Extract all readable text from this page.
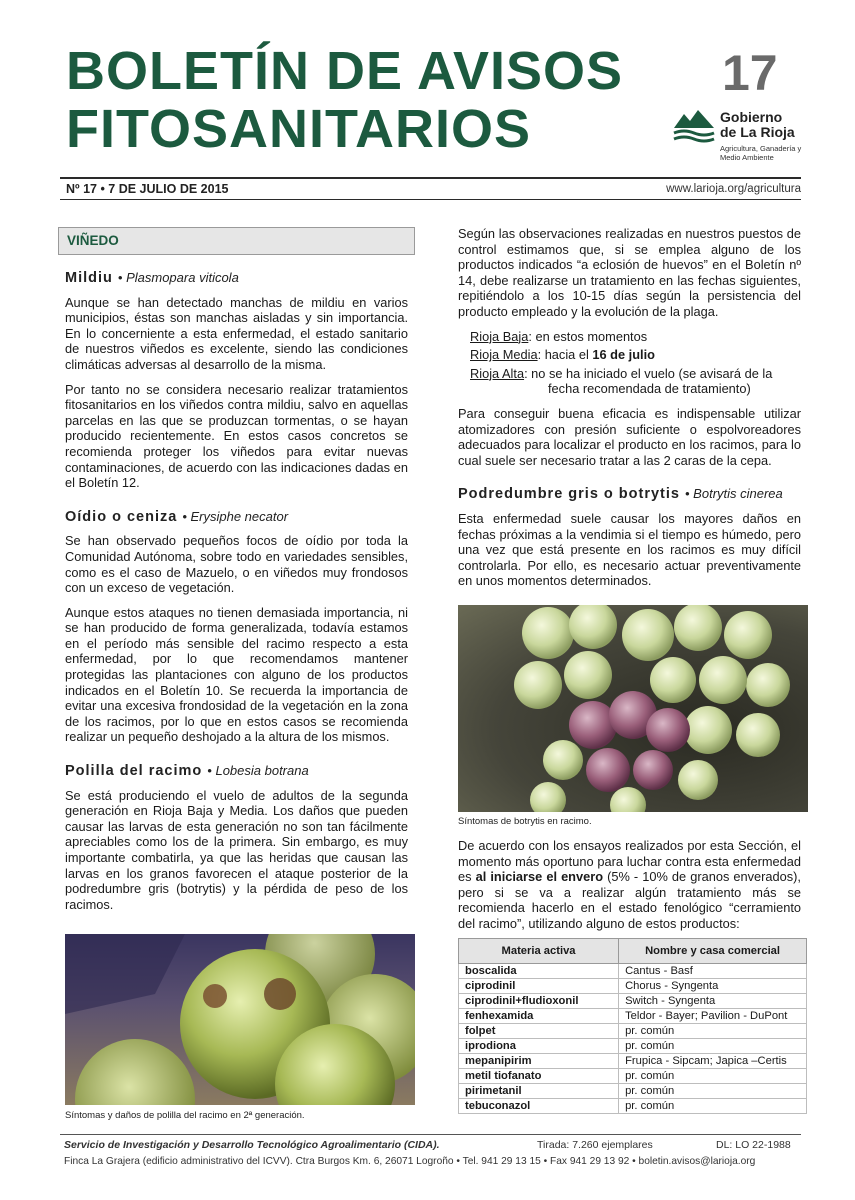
BOLETÍN DE AVISOS
FITOSANITARIOS
17
Gobierno
de La Rioja
Agricultura, Ganadería y Medio Ambiente
Nº 17 • 7 DE JULIO DE 2015	www.larioja.org/agricultura
VIÑEDO
Mildiu • Plasmopara viticola

Aunque se han detectado manchas de mildiu en varios municipios, éstas son manchas aisladas y sin importancia. En lo concerniente a esta enfermedad, el estado sanitario de nuestros viñedos es excelente, siendo las condiciones climáticas adversas al desarrollo de la misma.

Por tanto no se considera necesario realizar tratamientos fitosanitarios en los viñedos contra mildiu, salvo en aquellas parcelas en las que se produzcan tormentas, o se hayan producido recientemente. En estos casos concretos se recomienda proteger los viñedos para evitar nuevas contaminaciones, de acuerdo con las indicaciones dadas en el Boletín 12.

Oídio o ceniza • Erysiphe necator

Se han observado pequeños focos de oídio por toda la Comunidad Autónoma, sobre todo en variedades sensibles, como es el caso de Mazuelo, o en viñedos muy frondosos con un exceso de vegetación.

Aunque estos ataques no tienen demasiada importancia, ni se han producido de forma generalizada, todavía estamos en el período más sensible del racimo respecto a esta enfermedad, por lo que recomendamos mantener protegidas las plantaciones con alguno de los productos indicados en el Boletín 10. Se recuerda la importancia de evitar una excesiva frondosidad de la vegetación en la zona de los racimos, por lo que en estos casos se recomienda realizar un pequeño deshojado a la altura de los mismos.

Polilla del racimo • Lobesia botrana

Se está produciendo el vuelo de adultos de la segunda generación en Rioja Baja y Media. Los daños que pueden causar las larvas de esta generación no son tan fácilmente apreciables como los de la primera. Sin embargo, es muy importante combatirla, ya que las heridas que causan las larvas en los granos favorecen el ataque posterior de la podredumbre gris (botrytis) y la pérdida de peso de los racimos.

Síntomas y daños de polilla del racimo en 2ª generación.

Según las observaciones realizadas en nuestros puestos de control estimamos que, si se emplea alguno de los productos indicados “a eclosión de huevos” en el Boletín nº 14, debe realizarse un tratamiento en las fechas siguientes, repitiéndolo a los 10-15 días según la persistencia del producto empleado y la evolución de la plaga.

Rioja Baja: en estos momentos
Rioja Media: hacia el 16 de julio
Rioja Alta: no se ha iniciado el vuelo (se avisará de la fecha recomendada de tratamiento)

Para conseguir buena eficacia es indispensable utilizar atomizadores con presión suficiente o espolvoreadores adecuados para localizar el producto en los racimos, para lo cual suele ser necesario tratar a las 2 caras de la cepa.

Podredumbre gris o botrytis • Botrytis cinerea

Esta enfermedad suele causar los mayores daños en fechas próximas a la vendimia si el tiempo es húmedo, pero una vez que está presente en los racimos es muy difícil controlarla. Por ello, es necesario actuar preventivamente en unos momentos determinados.

Síntomas de botrytis en racimo.

De acuerdo con los ensayos realizados por esta Sección, el momento más oportuno para luchar contra esta enfermedad es al iniciarse el envero (5% - 10% de granos enverados), pero si se va a realizar algún tratamiento más se recomienda hacerlo en el estado fenológico “cerramiento del racimo”, utilizando alguno de estos productos:

Materia activa	Nombre y casa comercial
boscalida	Cantus - Basf
ciprodinil	Chorus - Syngenta
ciprodinil+fludioxonil	Switch - Syngenta
fenhexamida	Teldor - Bayer; Pavilion - DuPont
folpet	pr. común
iprodiona	pr. común
mepanipirim	Frupica - Sipcam; Japica –Certis
metil tiofanato	pr. común
pirimetanil	pr. común
tebuconazol	pr. común
Servicio de Investigación y Desarrollo Tecnológico Agroalimentario (CIDA).	Tirada: 7.260 ejemplares	DL: LO 22-1988
Finca La Grajera (edificio administrativo del ICVV). Ctra Burgos Km. 6, 26071 Logroño • Tel. 941 29 13 15 • Fax 941 29 13 92 • boletin.avisos@larioja.org
